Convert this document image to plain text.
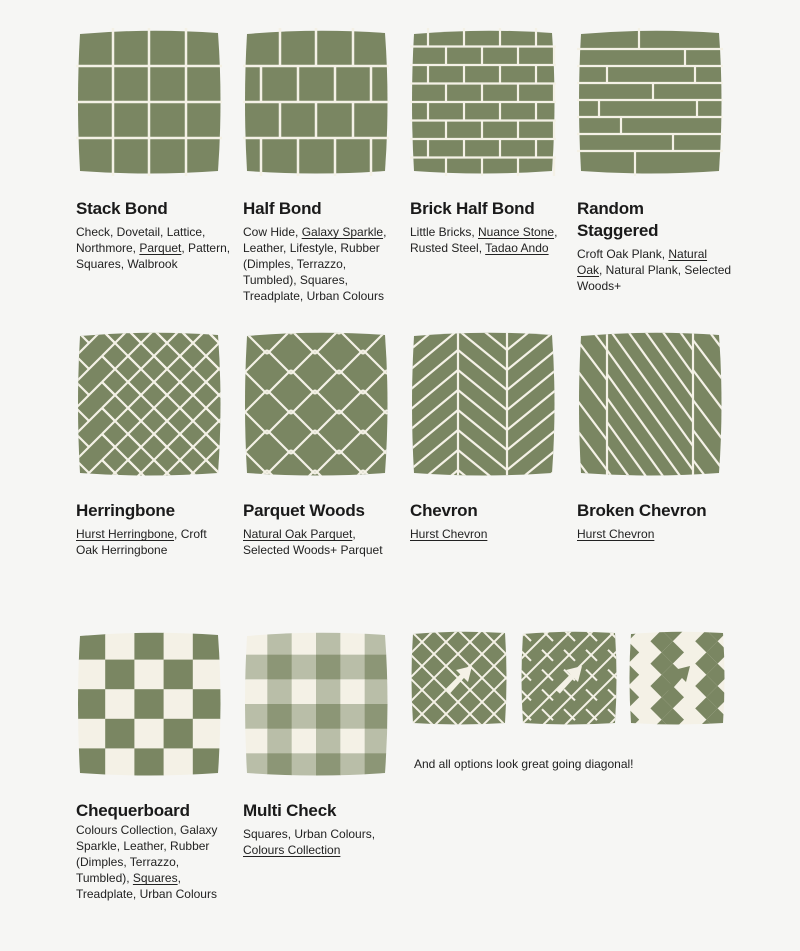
Stack Bond

Check, Dovetail, Lattice, Northmore, Parquet, Pattern, Squares, Walbrook

Half Bond

Cow Hide, Galaxy Sparkle, Leather, Lifestyle, Rubber (Dimples, Terrazzo, Tumbled), Squares, Treadplate, Urban Colours

Brick Half Bond

Little Bricks, Nuance Stone, Rusted Steel, Tadao Ando

Random Staggered

Croft Oak Plank, Natural Oak, Natural Plank, Selected Woods+

Herringbone

Hurst Herringbone, Croft Oak Herringbone

Parquet Woods

Natural Oak Parquet, Selected Woods+ Parquet

Chevron

Hurst Chevron

Broken Chevron

Hurst Chevron

Chequerboard

Colours Collection, Galaxy Sparkle, Leather, Rubber (Dimples, Terrazzo, Tumbled), Squares, Treadplate, Urban Colours

Multi Check

Squares, Urban Colours, Colours Collection

And all options look great going diagonal!
